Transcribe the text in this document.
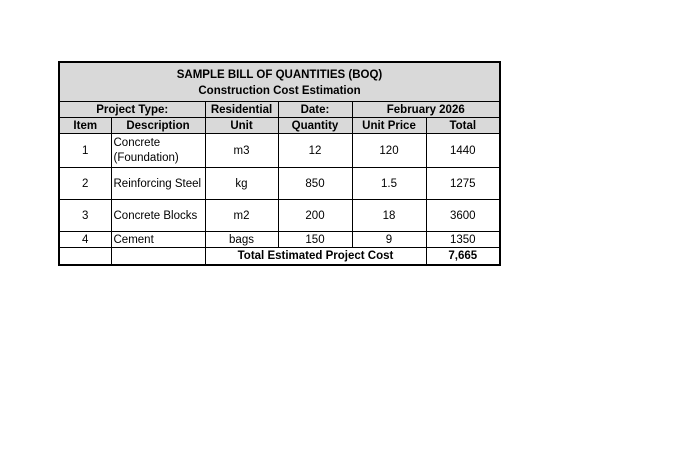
SAMPLE BILL OF QUANTITIES (BOQ)
Construction Cost Estimation					

Project Type:		Residential	Date:	February 2026	
Item	Description	Unit	Quantity	Unit Price	Total
1	Concrete (Foundation)	m3	12	120	1440
2	Reinforcing Steel	kg	850	1.5	1275
3	Concrete Blocks	m2	200	18	3600
4	Cement	bags	150	9	1350
		Total Estimated Project Cost			7,665
